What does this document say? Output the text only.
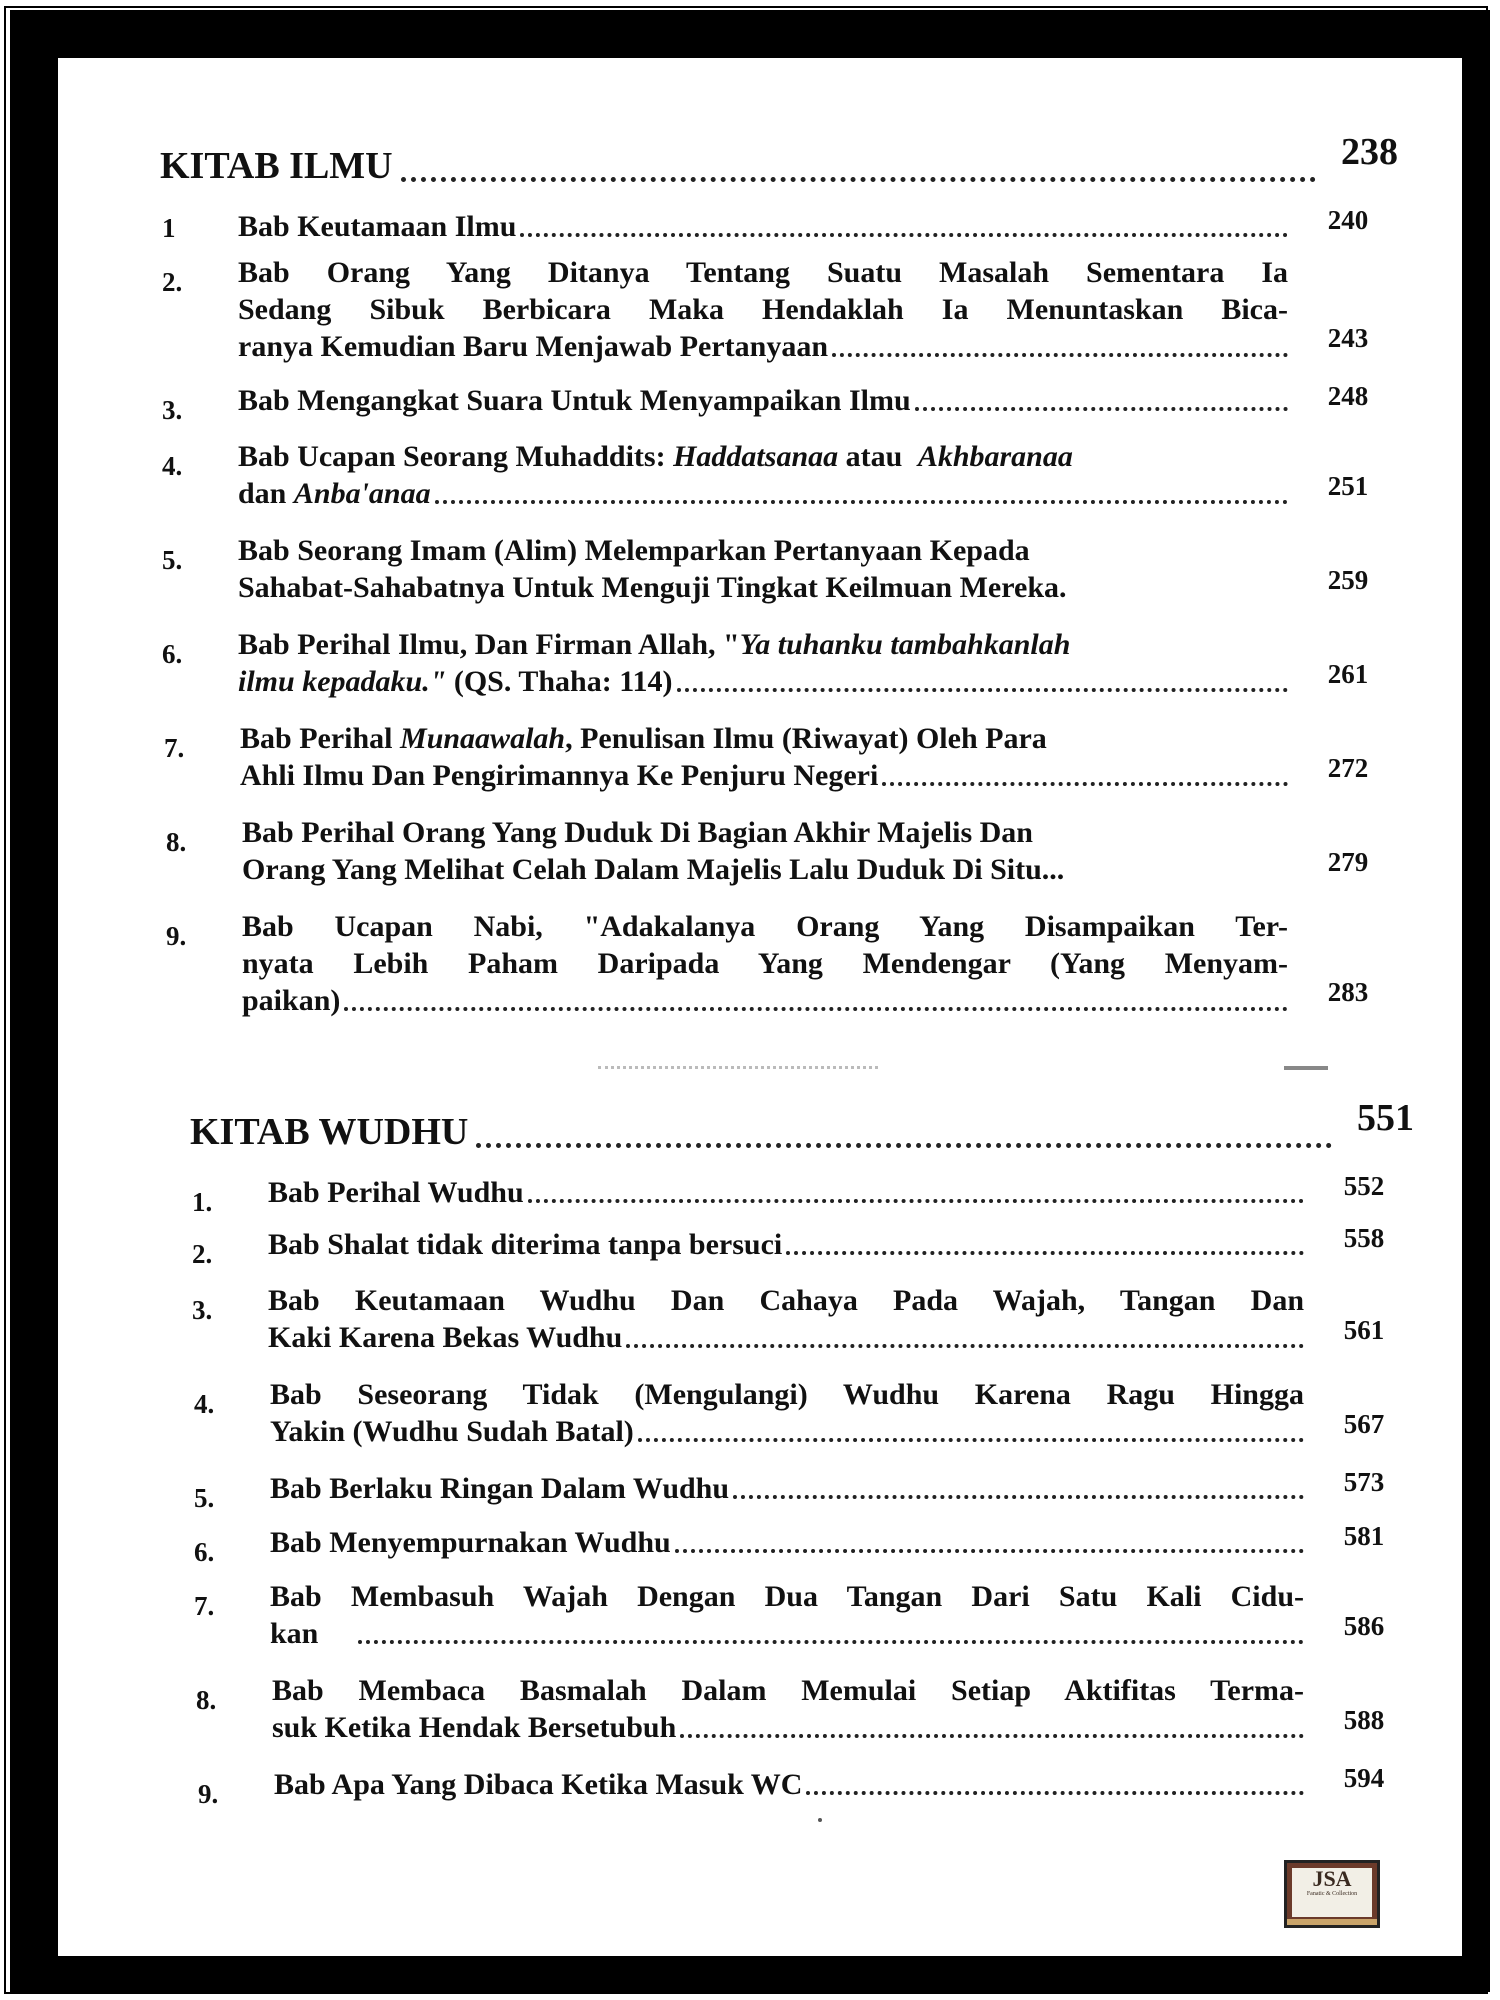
KITAB ILMU	238
1 Bab Keutamaan Ilmu	240
2. Bab Orang Yang Ditanya Tentang Suatu Masalah Sementara Ia
Sedang Sibuk Berbicara Maka Hendaklah Ia Menuntaskan Bica-
ranya Kemudian Baru Menjawab Pertanyaan	243
3. Bab Mengangkat Suara Untuk Menyampaikan Ilmu	248
4. Bab Ucapan Seorang Muhaddits: Haddatsanaa atau Akhbaranaa
dan Anba'anaa	251
5. Bab Seorang Imam (Alim) Melemparkan Pertanyaan Kepada
Sahabat-Sahabatnya Untuk Menguji Tingkat Keilmuan Mereka.	259
6. Bab Perihal Ilmu, Dan Firman Allah, "Ya tuhanku tambahkanlah
ilmu kepadaku." (QS. Thaha: 114)	261
7. Bab Perihal Munaawalah, Penulisan Ilmu (Riwayat) Oleh Para
Ahli Ilmu Dan Pengirimannya Ke Penjuru Negeri	272
8. Bab Perihal Orang Yang Duduk Di Bagian Akhir Majelis Dan
Orang Yang Melihat Celah Dalam Majelis Lalu Duduk Di Situ...	279
9. Bab Ucapan Nabi, "Adakalanya Orang Yang Disampaikan Ter-
nyata Lebih Paham Daripada Yang Mendengar (Yang Menyam-
paikan)	283
KITAB WUDHU	551
1. Bab Perihal Wudhu	552
2. Bab Shalat tidak diterima tanpa bersuci	558
3. Bab Keutamaan Wudhu Dan Cahaya Pada Wajah, Tangan Dan
Kaki Karena Bekas Wudhu	561
4. Bab Seseorang Tidak (Mengulangi) Wudhu Karena Ragu Hingga
Yakin (Wudhu Sudah Batal)	567
5. Bab Berlaku Ringan Dalam Wudhu	573
6. Bab Menyempurnakan Wudhu	581
7. Bab Membasuh Wajah Dengan Dua Tangan Dari Satu Kali Cidu-
kan	586
8. Bab Membaca Basmalah Dalam Memulai Setiap Aktifitas Terma-
suk Ketika Hendak Bersetubuh	588
9. Bab Apa Yang Dibaca Ketika Masuk WC	594
JSA
Fanatic & Collection
